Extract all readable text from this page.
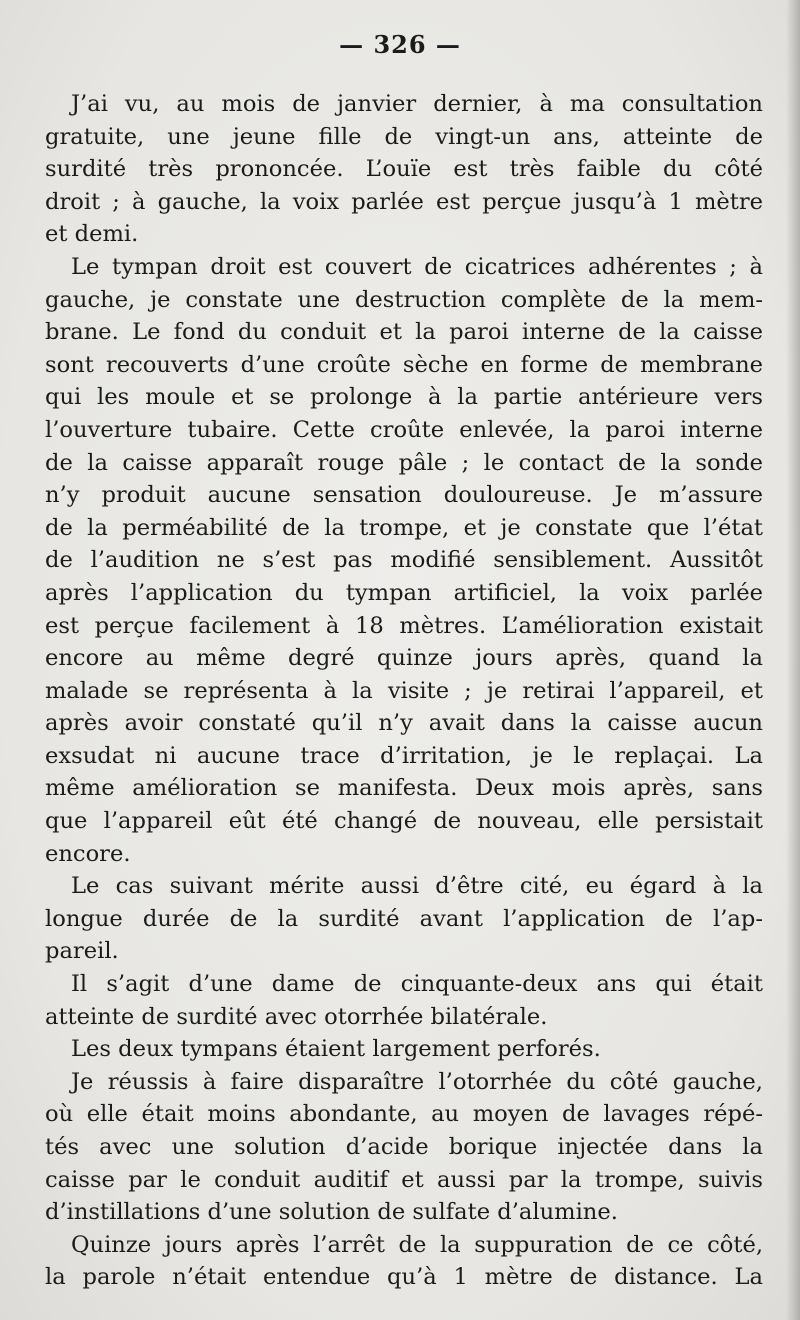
— 326 —
J’ai vu, au mois de janvier dernier, à ma consultation
gratuite, une jeune fille de vingt-un ans, atteinte de
surdité très prononcée. L’ouïe est très faible du côté
droit ; à gauche, la voix parlée est perçue jusqu’à 1 mètre
et demi.
Le tympan droit est couvert de cicatrices adhérentes ; à
gauche, je constate une destruction complète de la mem-
brane. Le fond du conduit et la paroi interne de la caisse
sont recouverts d’une croûte sèche en forme de membrane
qui les moule et se prolonge à la partie antérieure vers
l’ouverture tubaire. Cette croûte enlevée, la paroi interne
de la caisse apparaît rouge pâle ; le contact de la sonde
n’y produit aucune sensation douloureuse. Je m’assure
de la perméabilité de la trompe, et je constate que l’état
de l’audition ne s’est pas modifié sensiblement. Aussitôt
après l’application du tympan artificiel, la voix parlée
est perçue facilement à 18 mètres. L’amélioration existait
encore au même degré quinze jours après, quand la
malade se représenta à la visite ; je retirai l’appareil, et
après avoir constaté qu’il n’y avait dans la caisse aucun
exsudat ni aucune trace d’irritation, je le replaçai. La
même amélioration se manifesta. Deux mois après, sans
que l’appareil eût été changé de nouveau, elle persistait
encore.
Le cas suivant mérite aussi d’être cité, eu égard à la
longue durée de la surdité avant l’application de l’ap-
pareil.
Il s’agit d’une dame de cinquante-deux ans qui était
atteinte de surdité avec otorrhée bilatérale.
Les deux tympans étaient largement perforés.
Je réussis à faire disparaître l’otorrhée du côté gauche,
où elle était moins abondante, au moyen de lavages répé-
tés avec une solution d’acide borique injectée dans la
caisse par le conduit auditif et aussi par la trompe, suivis
d’instillations d’une solution de sulfate d’alumine.
Quinze jours après l’arrêt de la suppuration de ce côté,
la parole n’était entendue qu’à 1 mètre de distance. La
